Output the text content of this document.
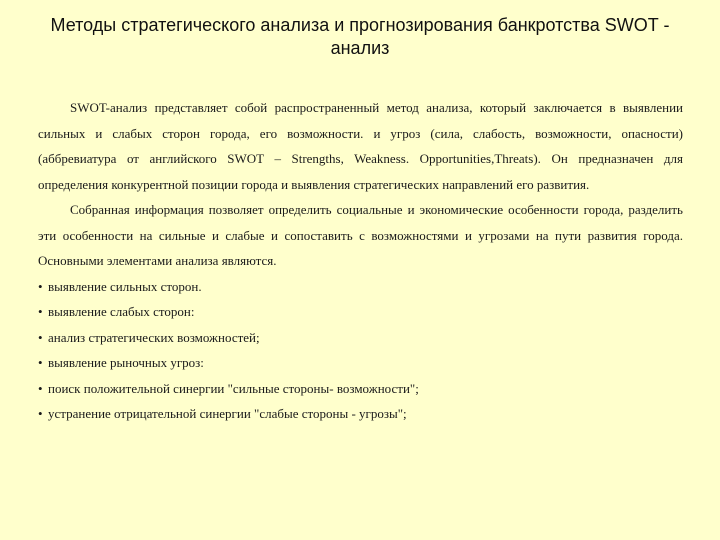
Методы стратегического анализа и прогнозирования банкротства SWOT - анализ

SWOT-анализ представляет собой распространенный метод анализа, который заключается в выявлении сильных и слабых сторон города, его возможности. и угроз (сила, слабость, возможности, опасности) (аббревиатура от английского SWOT – Strengths, Weakness. Opportunities,Threats). Он предназначен для определения конкурентной позиции города и выявления стратегических направлений его развития.

Собранная информация позволяет определить социальные и экономические особенности города, разделить эти особенности на сильные и слабые и сопоставить с возможностями и угрозами на пути развития города. Основными элементами анализа являются.

• выявление сильных сторон.
• выявление слабых сторон:
• анализ стратегических возможностей;
• выявление рыночных угроз:
• поиск положительной синергии "сильные стороны- возможности";
• устранение отрицательной синергии "слабые стороны - угрозы";
